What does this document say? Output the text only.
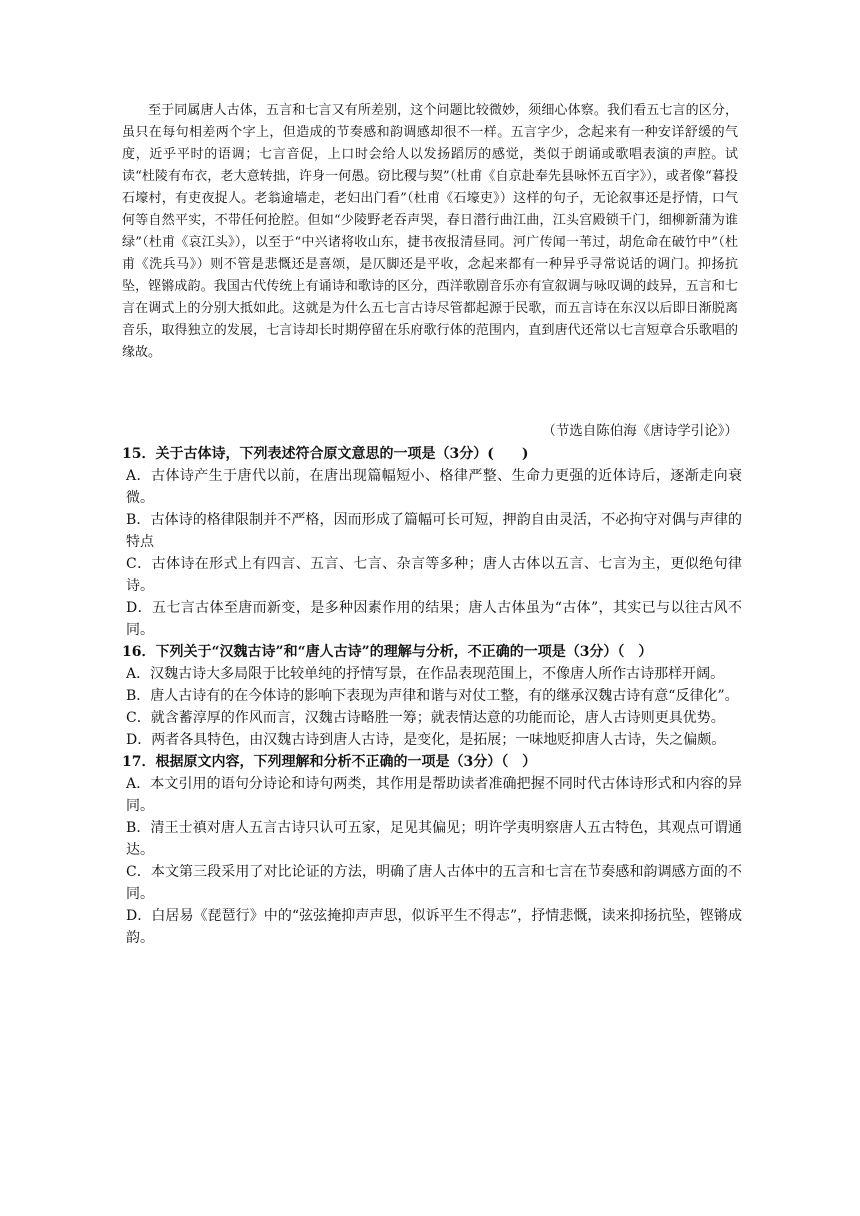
至于同属唐人古体，五言和七言又有所差别，这个问题比较微妙，须细心体察。我们看五七言的区分，虽只在每句相差两个字上，但造成的节奏感和韵调感却很不一样。五言字少，念起来有一种安详舒缓的气度，近乎平时的语调；七言音促，上口时会给人以发扬蹈厉的感觉，类似于朗诵或歌唱表演的声腔。试读“杜陵有布衣，老大意转拙，许身一何愚。窃比稷与契”（杜甫《自京赴奉先县咏怀五百字》），或者像“暮投石壕村，有吏夜捉人。老翁逾墙走，老妇出门看”（杜甫《石壕吏》）这样的句子，无论叙事还是抒情，口气何等自然平实，不带任何抢腔。但如“少陵野老吞声哭，春日潜行曲江曲，江头宫殿锁千门，细柳新蒲为谁绿”（杜甫《哀江头》），以至于“中兴诸将收山东，捷书夜报清昼同。河广传闻一苇过，胡危命在破竹中”（杜甫《洗兵马》）则不管是悲慨还是喜颂，是仄脚还是平收，念起来都有一种异乎寻常说话的调门。抑扬抗坠，铿锵成韵。我国古代传统上有诵诗和歌诗的区分，西洋歌剧音乐亦有宣叙调与咏叹调的歧异，五言和七言在调式上的分别大抵如此。这就是为什么五七言古诗尽管都起源于民歌，而五言诗在东汉以后即日渐脱离音乐，取得独立的发展，七言诗却长时期停留在乐府歌行体的范围内，直到唐代还常以七言短章合乐歌唱的缘故。

（节选自陈伯海《唐诗学引论》）

15．关于古体诗，下列表述符合原文意思的一项是（3分）(　　)

A．古体诗产生于唐代以前，在唐出现篇幅短小、格律严整、生命力更强的近体诗后，逐渐走向衰微。

B．古体诗的格律限制并不严格，因而形成了篇幅可长可短，押韵自由灵活，不必拘守对偶与声律的特点

C．古体诗在形式上有四言、五言、七言、杂言等多种；唐人古体以五言、七言为主，更似绝句律诗。

D．五七言古体至唐而新变，是多种因素作用的结果；唐人古体虽为“古体”，其实已与以往古风不同。

16．下列关于“汉魏古诗”和“唐人古诗”的理解与分析，不正确的一项是（3分）（　）

A．汉魏古诗大多局限于比较单纯的抒情写景，在作品表现范围上，不像唐人所作古诗那样开阔。

B．唐人古诗有的在今体诗的影响下表现为声律和谐与对仗工整，有的继承汉魏古诗有意“反律化”。

C．就含蓄淳厚的作风而言，汉魏古诗略胜一筹；就表情达意的功能而论，唐人古诗则更具优势。

D．两者各具特色，由汉魏古诗到唐人古诗，是变化，是拓展；一味地贬抑唐人古诗，失之偏颇。

17．根据原文内容，下列理解和分析不正确的一项是（3分）（　）

A．本文引用的语句分诗论和诗句两类，其作用是帮助读者准确把握不同时代古体诗形式和内容的异同。

B．清王士禛对唐人五言古诗只认可五家，足见其偏见；明许学夷明察唐人五古特色，其观点可谓通达。

C．本文第三段采用了对比论证的方法，明确了唐人古体中的五言和七言在节奏感和韵调感方面的不同。

D．白居易《琵琶行》中的“弦弦掩抑声声思，似诉平生不得志”，抒情悲慨，读来抑扬抗坠，铿锵成韵。
